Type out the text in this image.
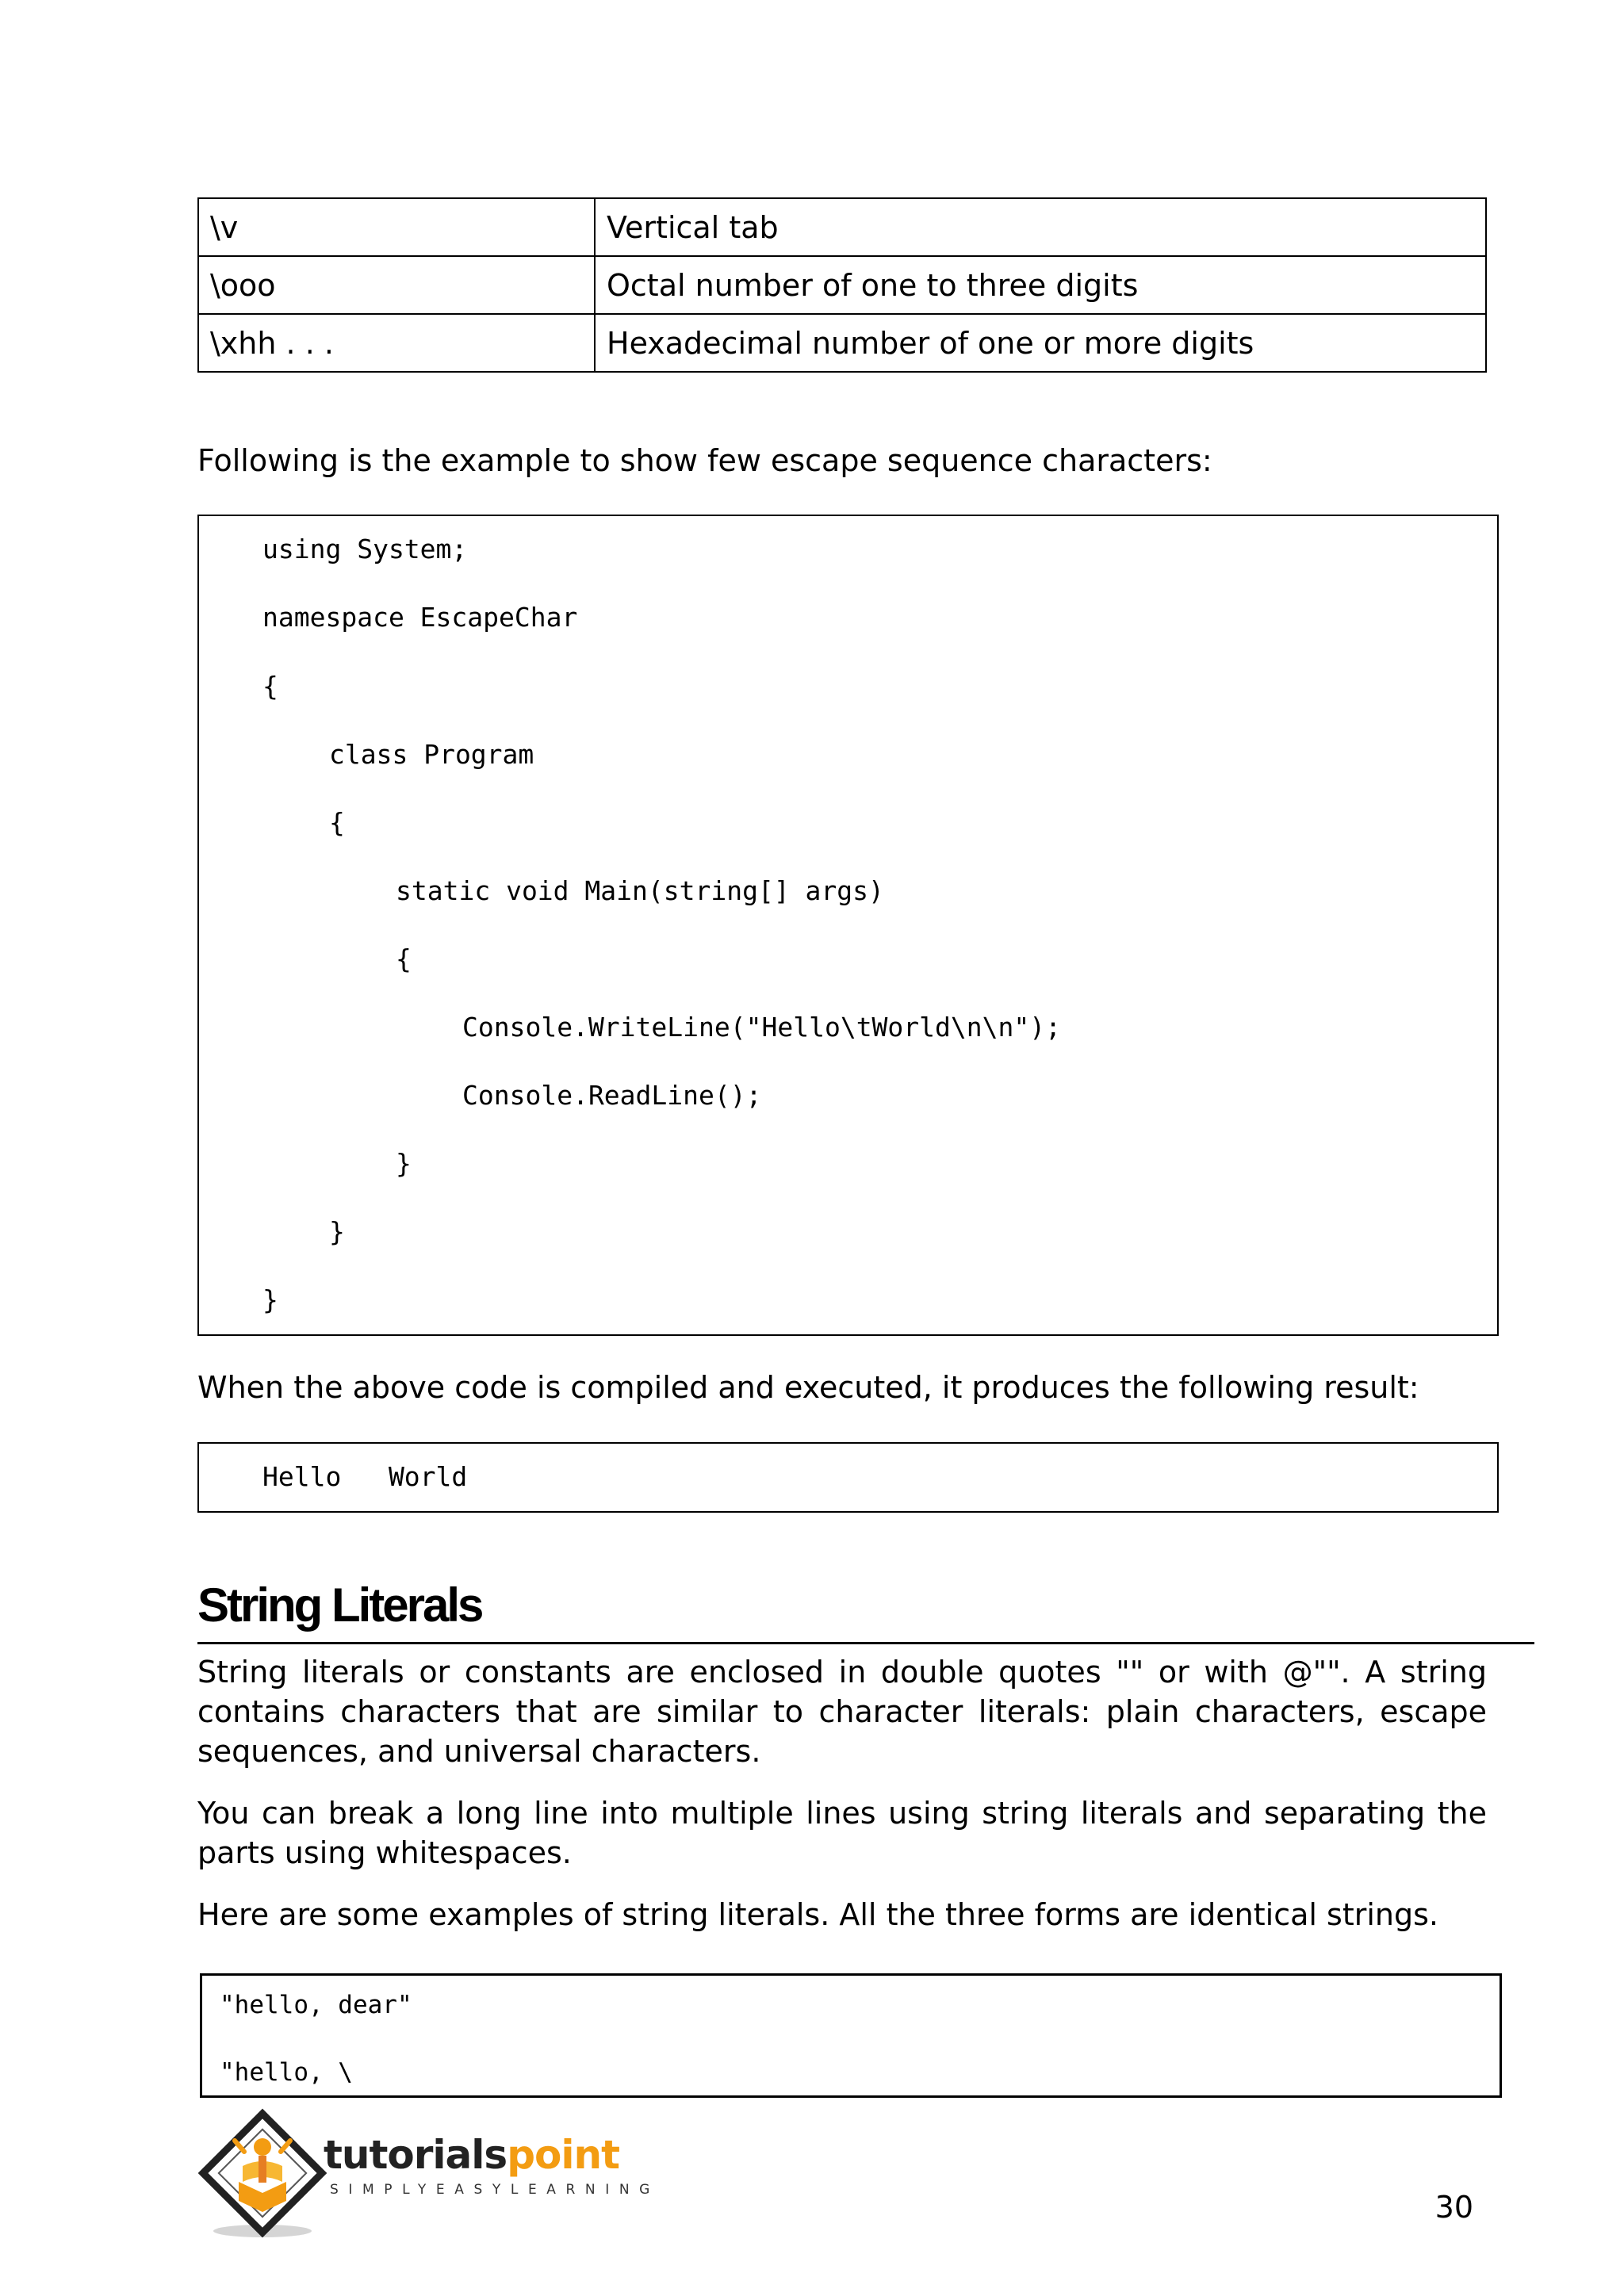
\v	Vertical tab
\ooo	Octal number of one to three digits
\xhh . . .	Hexadecimal number of one or more digits

Following is the example to show few escape sequence characters:

using System;
namespace EscapeChar
{
class Program
{
static void Main(string[] args)
{
Console.WriteLine("Hello\tWorld\n\n");
Console.ReadLine();
}
}
}

When the above code is compiled and executed, it produces the following result:

Hello   World
String Literals

String literals or constants are enclosed in double quotes "" or with @"". A string contains characters that are similar to character literals: plain characters, escape sequences, and universal characters.

You can break a long line into multiple lines using string literals and separating the parts using whitespaces.

Here are some examples of string literals. All the three forms are identical strings.

"hello, dear"
"hello, \
tutorialspoint
SIMPLYEASYLEARNING	30
